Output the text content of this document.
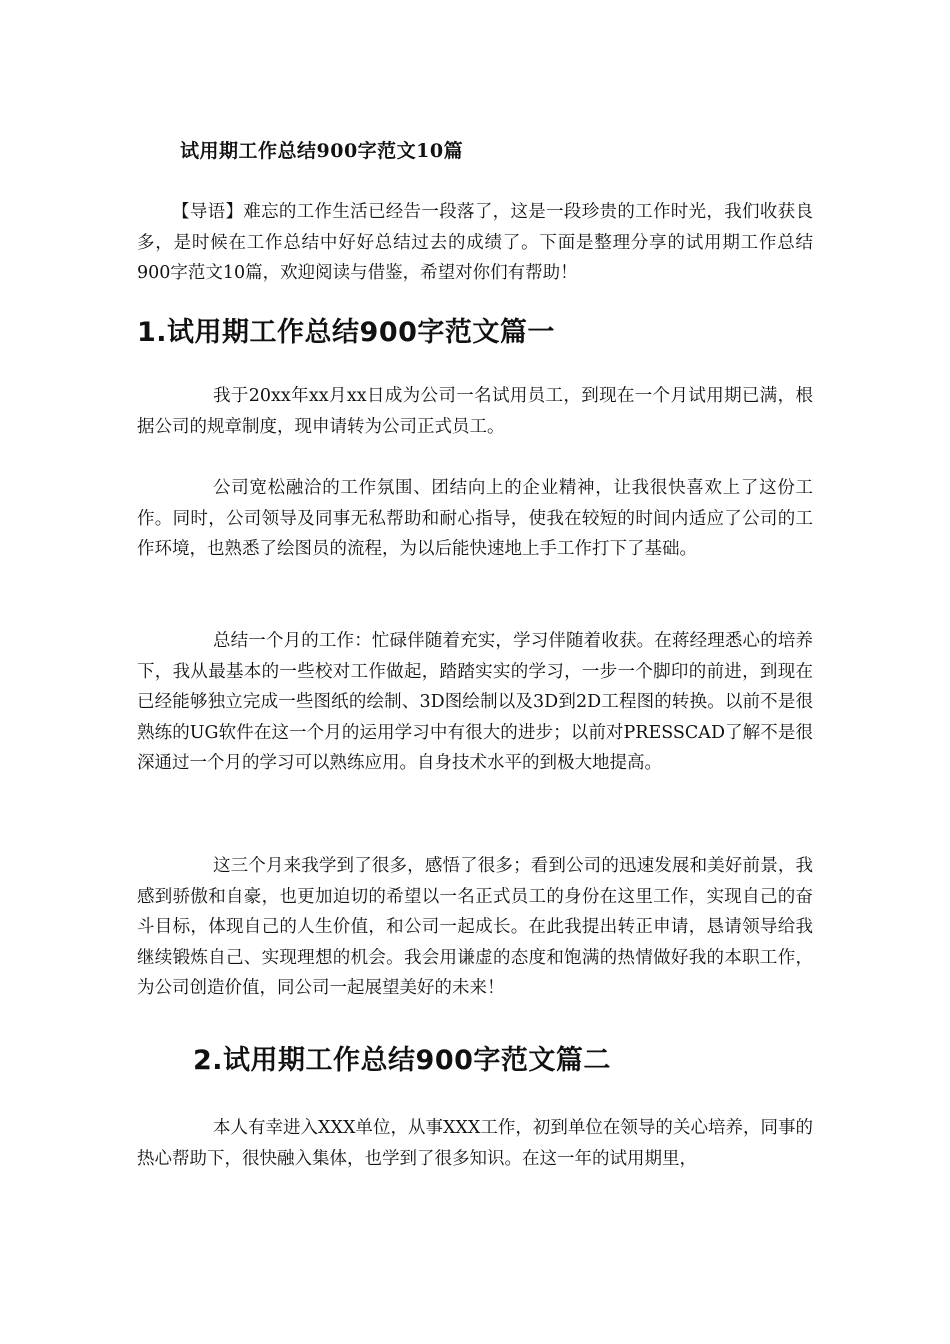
试用期工作总结900字范文10篇

【导语】难忘的工作生活已经告一段落了，这是一段珍贵的工作时光，我们收获良多，是时候在工作总结中好好总结过去的成绩了。下面是整理分享的试用期工作总结900字范文10篇，欢迎阅读与借鉴，希望对你们有帮助！

1.试用期工作总结900字范文篇一

我于20xx年xx月xx日成为公司一名试用员工，到现在一个月试用期已满，根据公司的规章制度，现申请转为公司正式员工。

公司宽松融洽的工作氛围、团结向上的企业精神，让我很快喜欢上了这份工作。同时，公司领导及同事无私帮助和耐心指导，使我在较短的时间内适应了公司的工作环境，也熟悉了绘图员的流程，为以后能快速地上手工作打下了基础。

总结一个月的工作：忙碌伴随着充实，学习伴随着收获。在蒋经理悉心的培养下，我从最基本的一些校对工作做起，踏踏实实的学习，一步一个脚印的前进，到现在已经能够独立完成一些图纸的绘制、3D图绘制以及3D到2D工程图的转换。以前不是很熟练的UG软件在这一个月的运用学习中有很大的进步；以前对PRESSCAD了解不是很深通过一个月的学习可以熟练应用。自身技术水平的到极大地提高。

这三个月来我学到了很多，感悟了很多；看到公司的迅速发展和美好前景，我感到骄傲和自豪，也更加迫切的希望以一名正式员工的身份在这里工作，实现自己的奋斗目标，体现自己的人生价值，和公司一起成长。在此我提出转正申请，恳请领导给我继续锻炼自己、实现理想的机会。我会用谦虚的态度和饱满的热情做好我的本职工作，为公司创造价值，同公司一起展望美好的未来！

2.试用期工作总结900字范文篇二

本人有幸进入XXX单位，从事XXX工作，初到单位在领导的关心培养，同事的热心帮助下，很快融入集体，也学到了很多知识。在这一年的试用期里，
